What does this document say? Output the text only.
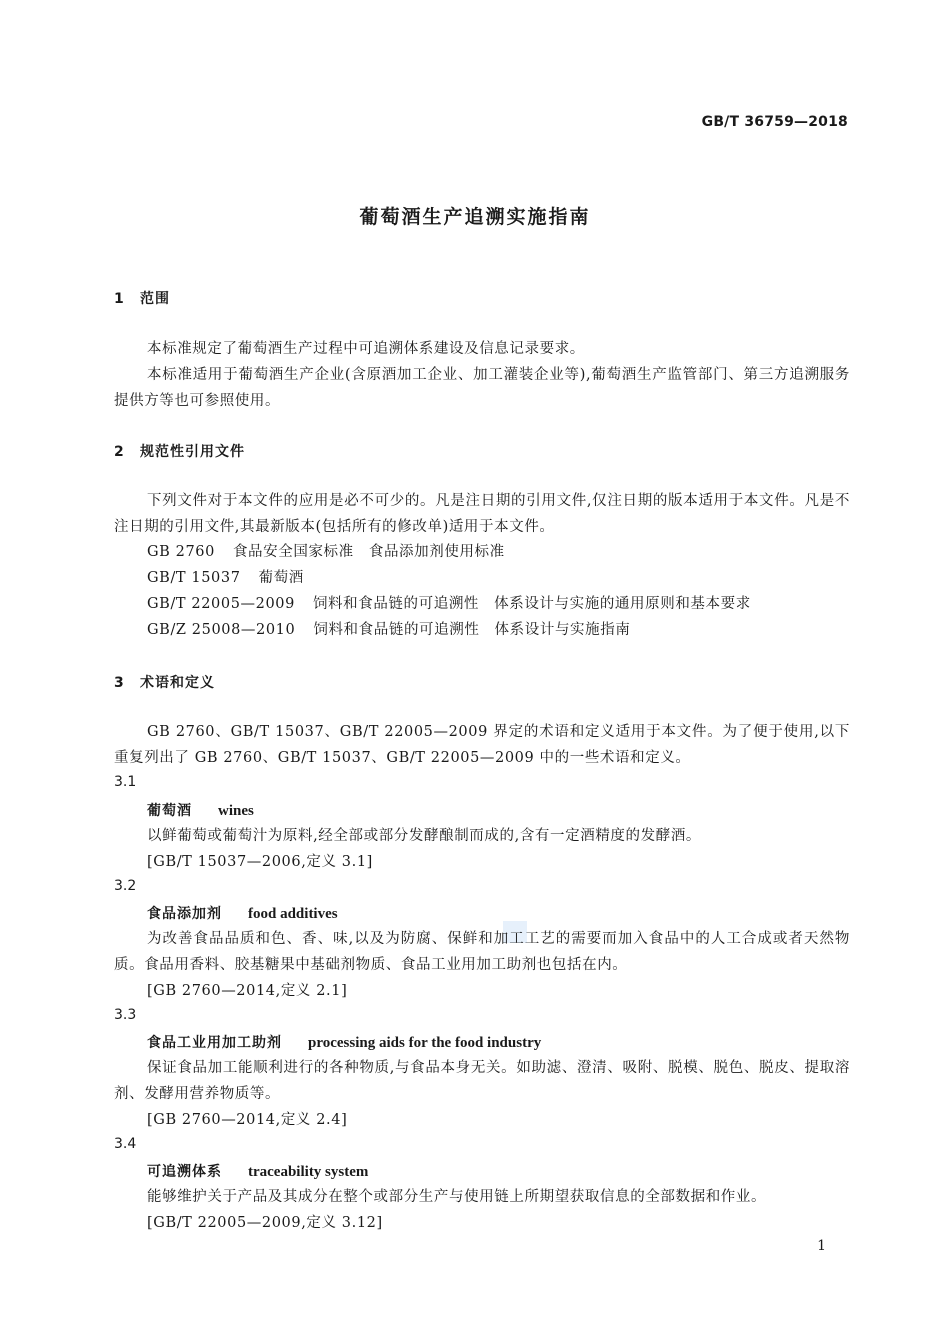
GB/T 36759—2018
葡萄酒生产追溯实施指南
1 范围
本标准规定了葡萄酒生产过程中可追溯体系建设及信息记录要求。
本标准适用于葡萄酒生产企业(含原酒加工企业、加工灌装企业等),葡萄酒生产监管部门、第三方追溯服务提供方等也可参照使用。
2 规范性引用文件
下列文件对于本文件的应用是必不可少的。凡是注日期的引用文件,仅注日期的版本适用于本文件。凡是不注日期的引用文件,其最新版本(包括所有的修改单)适用于本文件。
GB 2760 食品安全国家标准　食品添加剂使用标准
GB/T 15037 葡萄酒
GB/T 22005—2009 饲料和食品链的可追溯性　体系设计与实施的通用原则和基本要求
GB/Z 25008—2010 饲料和食品链的可追溯性　体系设计与实施指南
3 术语和定义
GB 2760、GB/T 15037、GB/T 22005—2009 界定的术语和定义适用于本文件。为了便于使用,以下重复列出了 GB 2760、GB/T 15037、GB/T 22005—2009 中的一些术语和定义。
3.1
葡萄酒 wines
以鲜葡萄或葡萄汁为原料,经全部或部分发酵酿制而成的,含有一定酒精度的发酵酒。
[GB/T 15037—2006,定义 3.1]
3.2
食品添加剂 food additives
为改善食品品质和色、香、味,以及为防腐、保鲜和加工工艺的需要而加入食品中的人工合成或者天然物质。食品用香料、胶基糖果中基础剂物质、食品工业用加工助剂也包括在内。
[GB 2760—2014,定义 2.1]
3.3
食品工业用加工助剂 processing aids for the food industry
保证食品加工能顺利进行的各种物质,与食品本身无关。如助滤、澄清、吸附、脱模、脱色、脱皮、提取溶剂、发酵用营养物质等。
[GB 2760—2014,定义 2.4]
3.4
可追溯体系 traceability system
能够维护关于产品及其成分在整个或部分生产与使用链上所期望获取信息的全部数据和作业。
[GB/T 22005—2009,定义 3.12]
1
